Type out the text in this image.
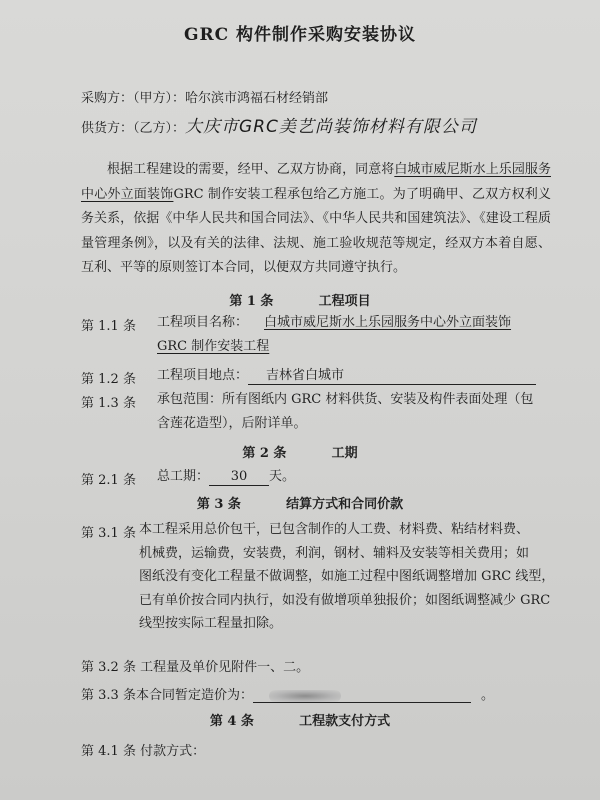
GRC 构件制作采购安装协议
采购方：（甲方）：哈尔滨市鸿福石材经销部
供货方：（乙方）：大庆市GRC美艺尚装饰材料有限公司
根据工程建设的需要，经甲、乙双方协商，同意将白城市威尼斯水上乐园服务中心外立面装饰GRC 制作安装工程承包给乙方施工。为了明确甲、乙双方权利义务关系，依据《中华人民共和国合同法》、《中华人民共和国建筑法》、《建设工程质量管理条例》，以及有关的法律、法规、施工验收规范等规定，经双方本着自愿、互利、平等的原则签订本合同，以便双方共同遵守执行。
第 1 条          工程项目
第 1.1 条 工程项目名称： 白城市威尼斯水上乐园服务中心外立面装饰
GRC 制作安装工程
第 1.2 条 工程项目地点： 吉林省白城市
第 1.3 条 承包范围：所有图纸内 GRC 材料供货、安装及构件表面处理（包
含莲花造型），后附详单。
第 2 条          工期
第 2.1 条 总工期： 30 天。
第 3 条          结算方式和合同价款
第 3.1 条 本工程采用总价包干，已包含制作的人工费、材料费、粘结材料费、
机械费，运输费，安装费，利润，钢材、辅料及安装等相关费用；如
图纸没有变化工程量不做调整，如施工过程中图纸调整增加 GRC 线型，
已有单价按合同内执行，如没有做增项单独报价；如图纸调整减少 GRC
线型按实际工程量扣除。
第 3.2 条 工程量及单价见附件一、二。
第 3.3 条本合同暂定造价为：	。
第 4 条          工程款支付方式
第 4.1 条 付款方式：
